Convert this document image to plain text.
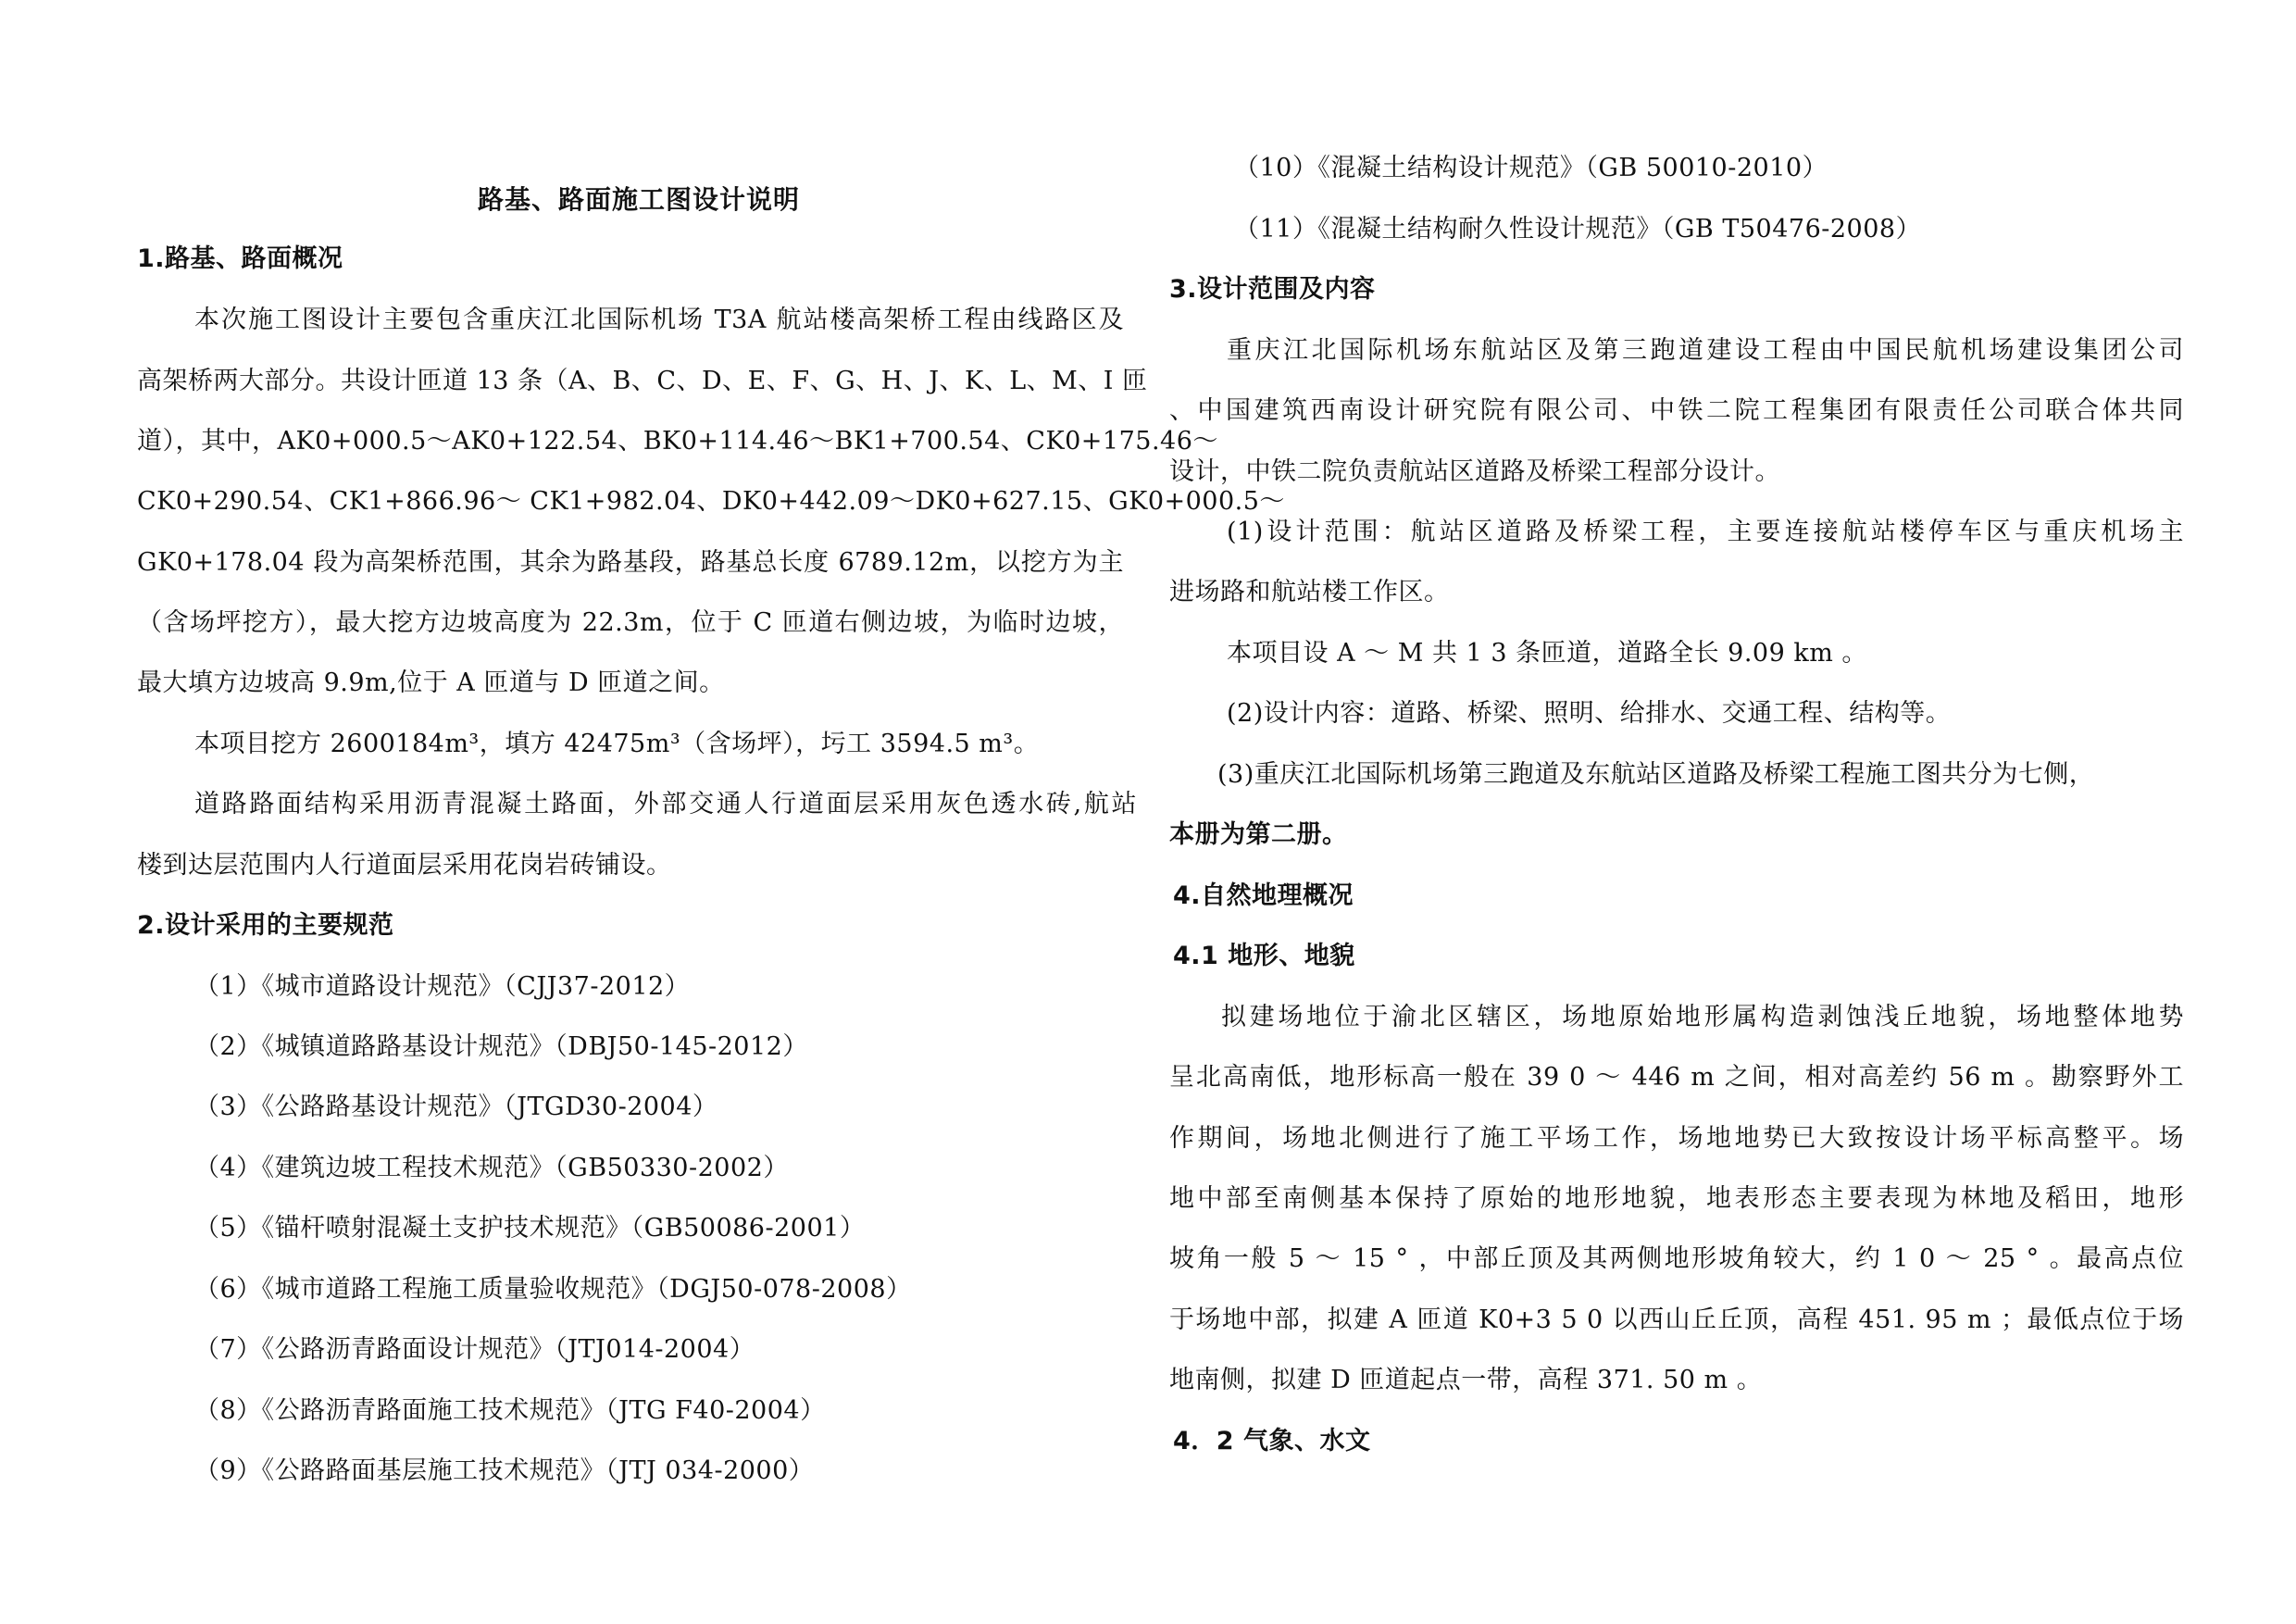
路基、路面施工图设计说明
1.路基、路面概况
本次施工图设计主要包含重庆江北国际机场 T3A 航站楼高架桥工程由线路区及
高架桥两大部分。共设计匝道 13 条（A、B、C、D、E、F、G、H、J、K、L、M、I 匝
道），其中，AK0+000.5～AK0+122.54、BK0+114.46～BK1+700.54、CK0+175.46～
CK0+290.54、CK1+866.96～ CK1+982.04、DK0+442.09～DK0+627.15、GK0+000.5～
GK0+178.04 段为高架桥范围，其余为路基段，路基总长度 6789.12m，以挖方为主
（含场坪挖方），最大挖方边坡高度为 22.3m，位于 C 匝道右侧边坡，为临时边坡，
最大填方边坡高 9.9m,位于 A 匝道与 D 匝道之间。
本项目挖方 2600184m³，填方 42475m³（含场坪），圬工 3594.5 m³。
道路路面结构采用沥青混凝土路面，外部交通人行道面层采用灰色透水砖,航站
楼到达层范围内人行道面层采用花岗岩砖铺设。
2.设计采用的主要规范
（1）《城市道路设计规范》（CJJ37-2012）
（2）《城镇道路路基设计规范》（DBJ50-145-2012）
（3）《公路路基设计规范》（JTGD30-2004）
（4）《建筑边坡工程技术规范》（GB50330-2002）
（5）《锚杆喷射混凝土支护技术规范》（GB50086-2001）
（6）《城市道路工程施工质量验收规范》（DGJ50-078-2008）
（7）《公路沥青路面设计规范》（JTJ014-2004）
（8）《公路沥青路面施工技术规范》（JTG F40-2004）
（9）《公路路面基层施工技术规范》（JTJ 034-2000）
（10）《混凝土结构设计规范》（GB 50010-2010）
（11）《混凝土结构耐久性设计规范》（GB T50476-2008）
3.设计范围及内容
重庆江北国际机场东航站区及第三跑道建设工程由中国民航机场建设集团公司
、中国建筑西南设计研究院有限公司、中铁二院工程集团有限责任公司联合体共同
设计，中铁二院负责航站区道路及桥梁工程部分设计。
(1)设计范围：航站区道路及桥梁工程，主要连接航站楼停车区与重庆机场主
进场路和航站楼工作区。
本项目设 A ～ M 共 1 3 条匝道，道路全长 9.09 km 。
(2)设计内容：道路、桥梁、照明、给排水、交通工程、结构等。
(3)重庆江北国际机场第三跑道及东航站区道路及桥梁工程施工图共分为七侧，
本册为第二册。
4.自然地理概况
4.1 地形、地貌
拟建场地位于渝北区辖区，场地原始地形属构造剥蚀浅丘地貌，场地整体地势
呈北高南低，地形标高一般在 39 0 ～ 446 m 之间，相对高差约 56 m 。勘察野外工
作期间，场地北侧进行了施工平场工作，场地地势已大致按设计场平标高整平。场
地中部至南侧基本保持了原始的地形地貌，地表形态主要表现为林地及稻田，地形
坡角一般 5 ～ 15 ° ，中部丘顶及其两侧地形坡角较大，约 1 0 ～ 25 ° 。最高点位
于场地中部，拟建 A 匝道 K0+3 5 0 以西山丘丘顶，高程 451. 95 m ；最低点位于场
地南侧，拟建 D 匝道起点一带，高程 371. 50 m 。
4．2 气象、水文
